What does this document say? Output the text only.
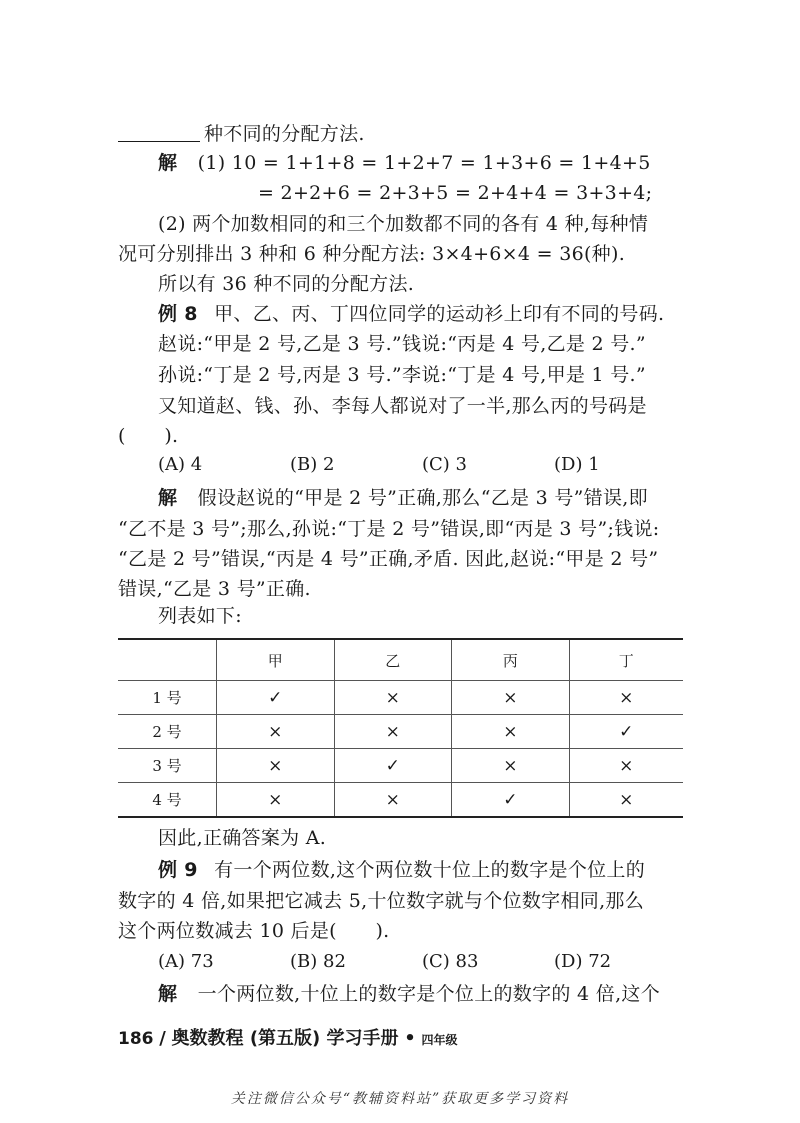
种不同的分配方法.
解 (1) 10 = 1+1+8 = 1+2+7 = 1+3+6 = 1+4+5
= 2+2+6 = 2+3+5 = 2+4+4 = 3+3+4;
(2) 两个加数相同的和三个加数都不同的各有 4 种,每种情
况可分别排出 3 种和 6 种分配方法: 3×4+6×4 = 36(种).
所以有 36 种不同的分配方法.
例 8 甲、乙、丙、丁四位同学的运动衫上印有不同的号码.
赵说:“甲是 2 号,乙是 3 号.”钱说:“丙是 4 号,乙是 2 号.”
孙说:“丁是 2 号,丙是 3 号.”李说:“丁是 4 号,甲是 1 号.”
又知道赵、钱、孙、李每人都说对了一半,那么丙的号码是
(　　).
(A) 4	(B) 2	(C) 3	(D) 1
解 假设赵说的“甲是 2 号”正确,那么“乙是 3 号”错误,即
“乙不是 3 号”;那么,孙说:“丁是 2 号”错误,即“丙是 3 号”;钱说:
“乙是 2 号”错误,“丙是 4 号”正确,矛盾. 因此,赵说:“甲是 2 号”
错误,“乙是 3 号”正确.
列表如下:
	甲	乙	丙	丁
1 号	✓	×	×	×
2 号	×	×	×	✓
3 号	×	✓	×	×
4 号	×	×	✓	×
因此,正确答案为 A.
例 9 有一个两位数,这个两位数十位上的数字是个位上的
数字的 4 倍,如果把它减去 5,十位数字就与个位数字相同,那么
这个两位数减去 10 后是(　　).
(A) 73	(B) 82	(C) 83	(D) 72
解 一个两位数,十位上的数字是个位上的数字的 4 倍,这个
186 / 奥数教程 (第五版) 学习手册 • 四年级
关注微信公众号“教辅资料站”获取更多学习资料
